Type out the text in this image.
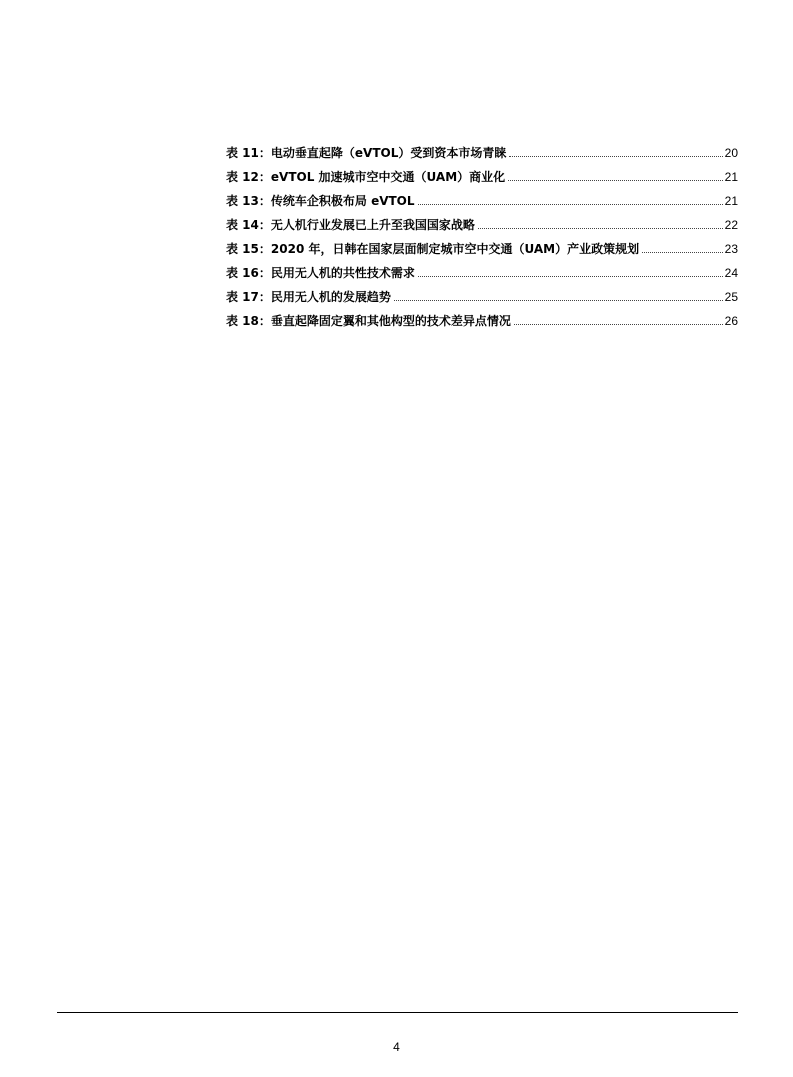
表 11： 电动垂直起降（eVTOL）受到资本市场青睐	20
表 12： eVTOL 加速城市空中交通（UAM）商业化	21
表 13： 传统车企积极布局 eVTOL	21
表 14： 无人机行业发展已上升至我国国家战略	22
表 15： 2020 年，日韩在国家层面制定城市空中交通（UAM）产业政策规划	23
表 16： 民用无人机的共性技术需求	24
表 17： 民用无人机的发展趋势	25
表 18： 垂直起降固定翼和其他构型的技术差异点情况	26
4
